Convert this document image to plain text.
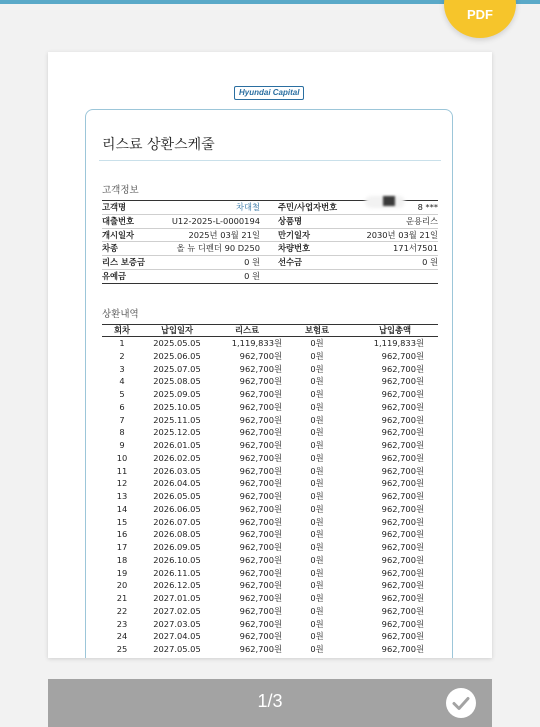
PDF
Hyundai Capital
리스료 상환스케줄
고객정보
고객명	차대철	주민/사업자번호	8 ***
대출번호	U12-2025-L-0000194	상품명	운용리스
개시일자	2025년 03월 21일	만기일자	2030년 03월 21일
차종	올 뉴 디펜더 90 D250	차량번호	171서7501
리스 보증금	0 원	선수금	0 원
유예금	0 원
상환내역
회차	납입일자	리스료	보험료	납입총액
1	2025.05.05	1,119,833원	0원	1,119,833원
2	2025.06.05	962,700원	0원	962,700원
3	2025.07.05	962,700원	0원	962,700원
4	2025.08.05	962,700원	0원	962,700원
5	2025.09.05	962,700원	0원	962,700원
6	2025.10.05	962,700원	0원	962,700원
7	2025.11.05	962,700원	0원	962,700원
8	2025.12.05	962,700원	0원	962,700원
9	2026.01.05	962,700원	0원	962,700원
10	2026.02.05	962,700원	0원	962,700원
11	2026.03.05	962,700원	0원	962,700원
12	2026.04.05	962,700원	0원	962,700원
13	2026.05.05	962,700원	0원	962,700원
14	2026.06.05	962,700원	0원	962,700원
15	2026.07.05	962,700원	0원	962,700원
16	2026.08.05	962,700원	0원	962,700원
17	2026.09.05	962,700원	0원	962,700원
18	2026.10.05	962,700원	0원	962,700원
19	2026.11.05	962,700원	0원	962,700원
20	2026.12.05	962,700원	0원	962,700원
21	2027.01.05	962,700원	0원	962,700원
22	2027.02.05	962,700원	0원	962,700원
23	2027.03.05	962,700원	0원	962,700원
24	2027.04.05	962,700원	0원	962,700원
25	2027.05.05	962,700원	0원	962,700원
1/3
